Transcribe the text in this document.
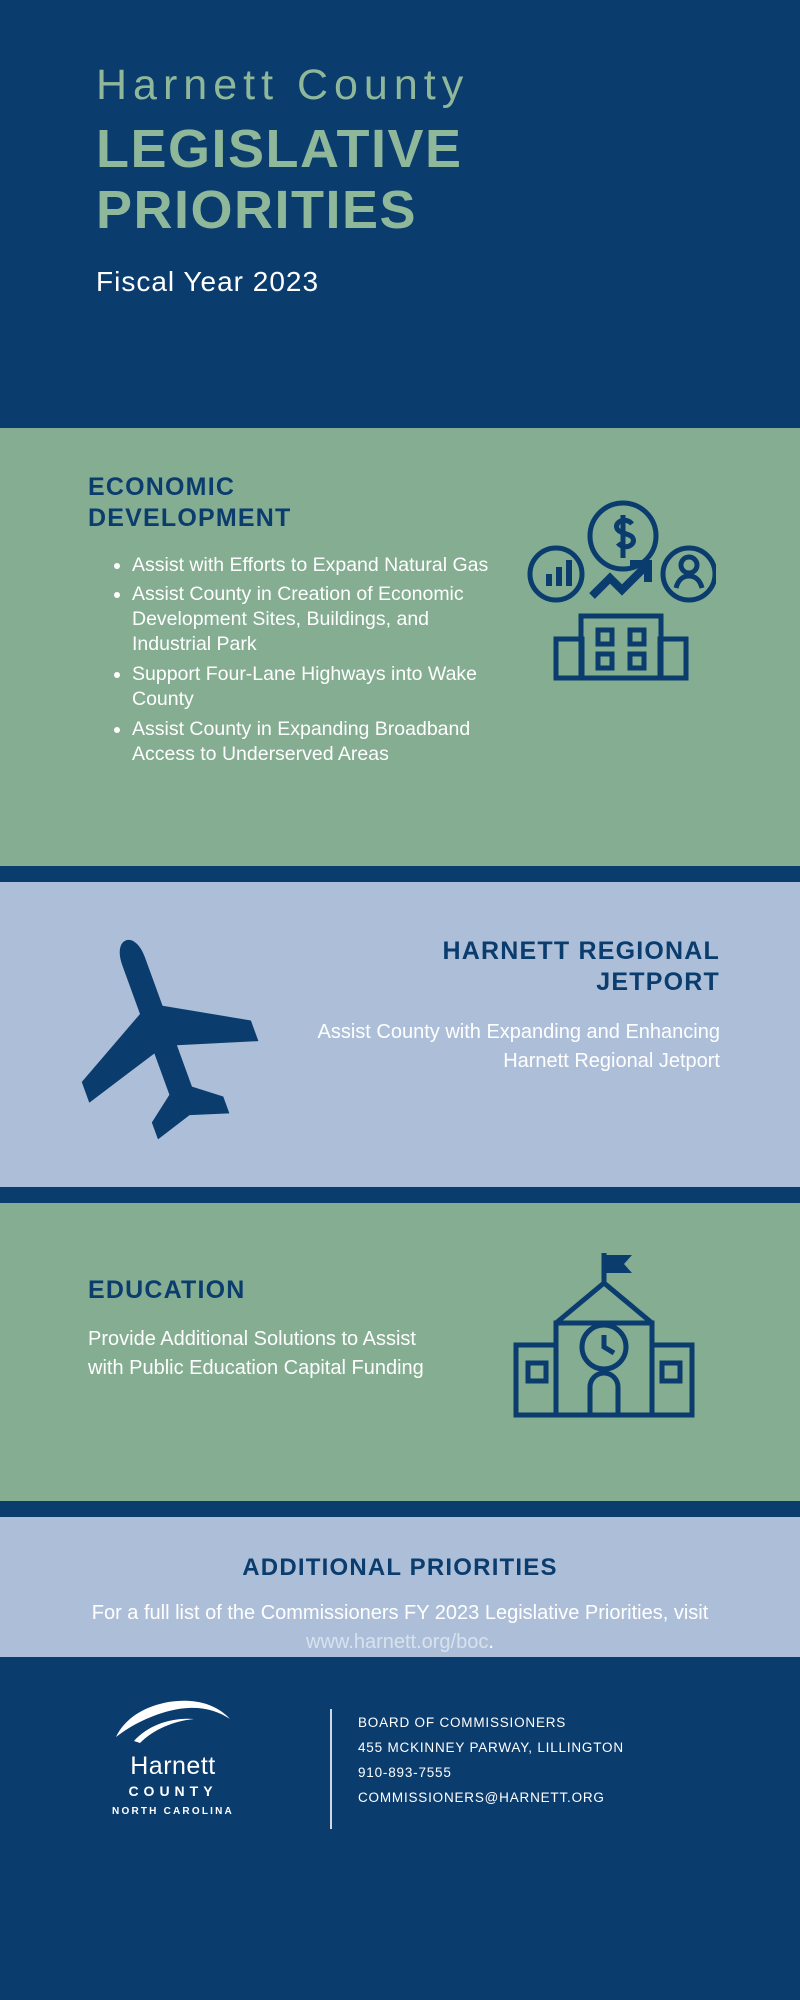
Harnett County
LEGISLATIVE
PRIORITIES
Fiscal Year 2023
ECONOMIC
DEVELOPMENT
• Assist with Efforts to Expand Natural Gas
• Assist County in Creation of Economic Development Sites, Buildings, and Industrial Park
• Support Four-Lane Highways into Wake County
• Assist County in Expanding Broadband Access to Underserved Areas
HARNETT REGIONAL
JETPORT
Assist County with Expanding and Enhancing Harnett Regional Jetport
EDUCATION
Provide Additional Solutions to Assist with Public Education Capital Funding
ADDITIONAL PRIORITIES
For a full list of the Commissioners FY 2023 Legislative Priorities, visit www.harnett.org/boc.
Harnett
COUNTY
NORTH CAROLINA
BOARD OF COMMISSIONERS
455 MCKINNEY PARWAY, LILLINGTON
910-893-7555
COMMISSIONERS@HARNETT.ORG
